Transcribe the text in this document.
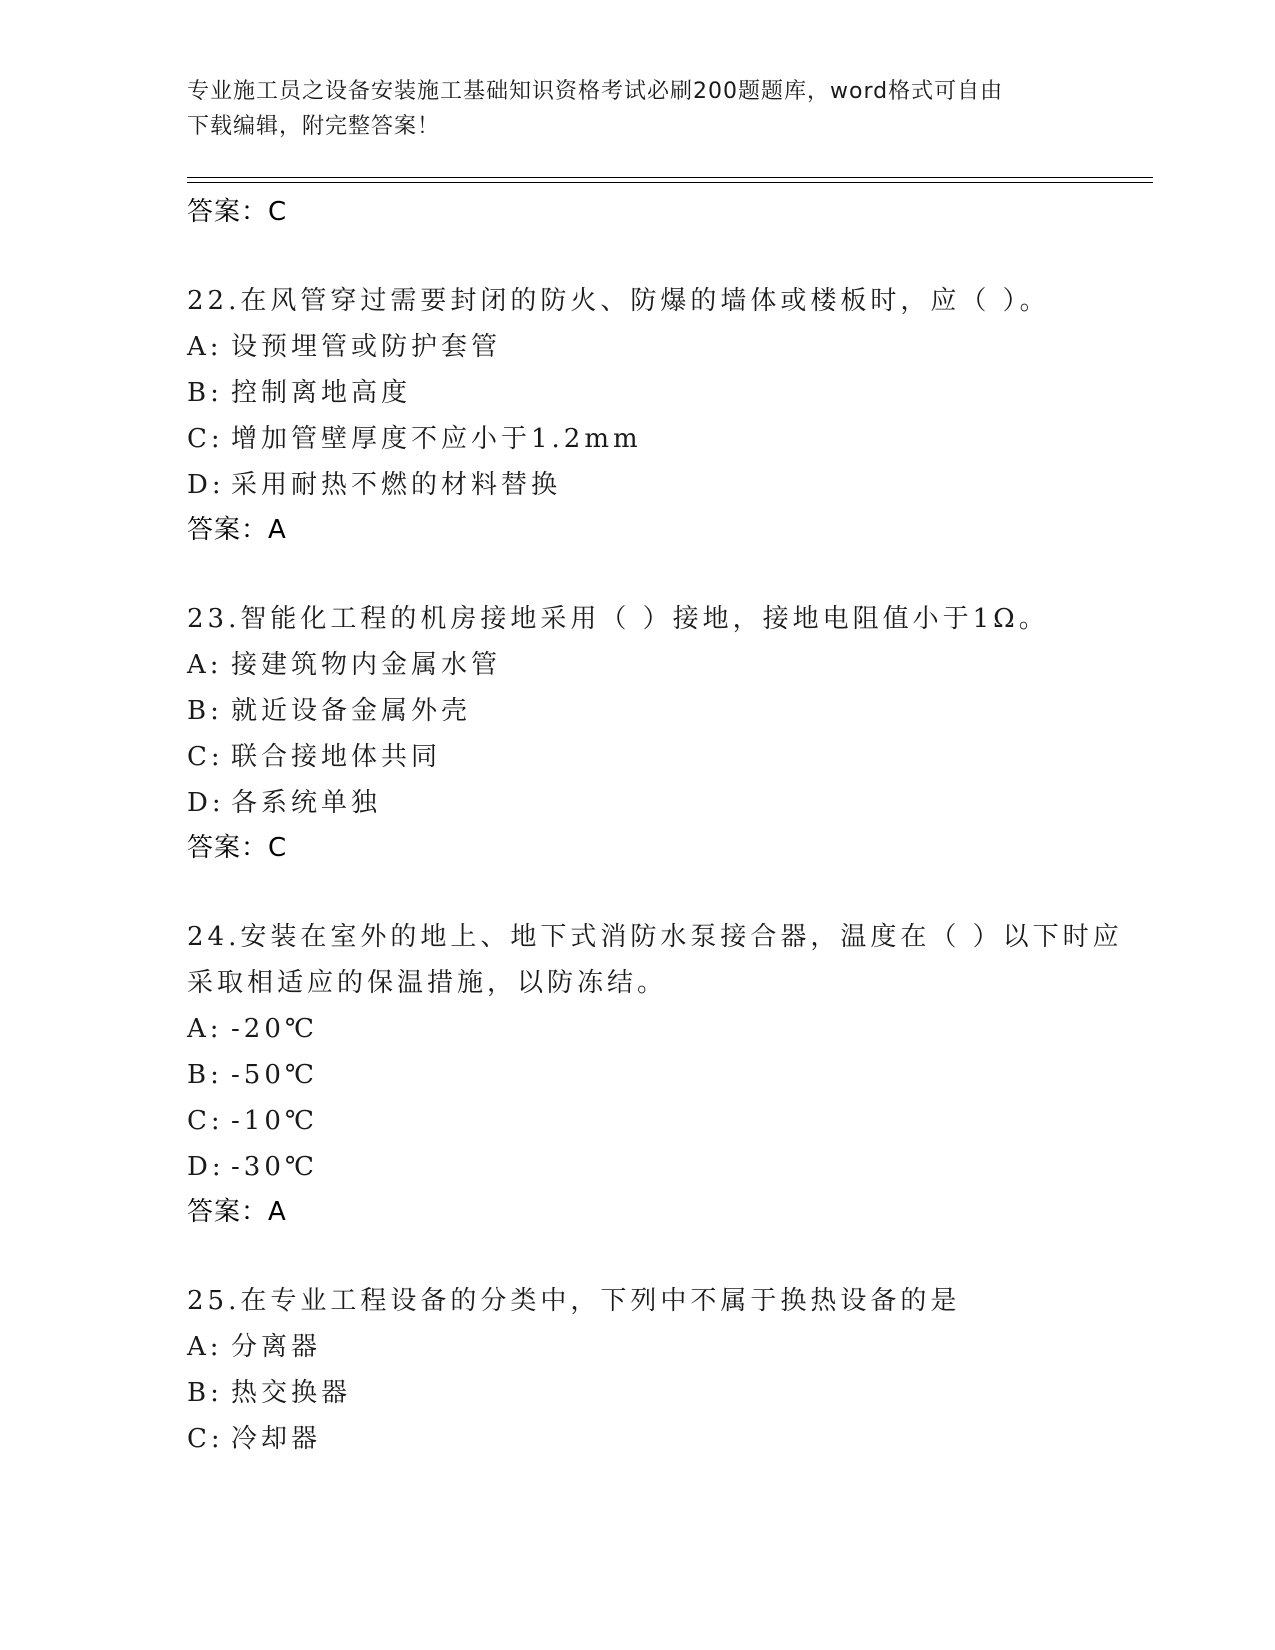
专业施工员之设备安装施工基础知识资格考试必刷200题题库，word格式可自由
下载编辑，附完整答案！
答案：C
22.在风管穿过需要封闭的防火、防爆的墙体或楼板时，应（ ）。
A: 设预埋管或防护套管
B: 控制离地高度
C: 增加管壁厚度不应小于1.2mm
D: 采用耐热不燃的材料替换
答案：A
23.智能化工程的机房接地采用（ ）接地，接地电阻值小于1Ω。
A: 接建筑物内金属水管
B: 就近设备金属外壳
C: 联合接地体共同
D: 各系统单独
答案：C
24.安装在室外的地上、地下式消防水泵接合器，温度在（ ）以下时应采取相适应的保温措施，以防冻结。
A: -20℃
B: -50℃
C: -10℃
D: -30℃
答案：A
25.在专业工程设备的分类中，下列中不属于换热设备的是
A: 分离器
B: 热交换器
C: 冷却器
